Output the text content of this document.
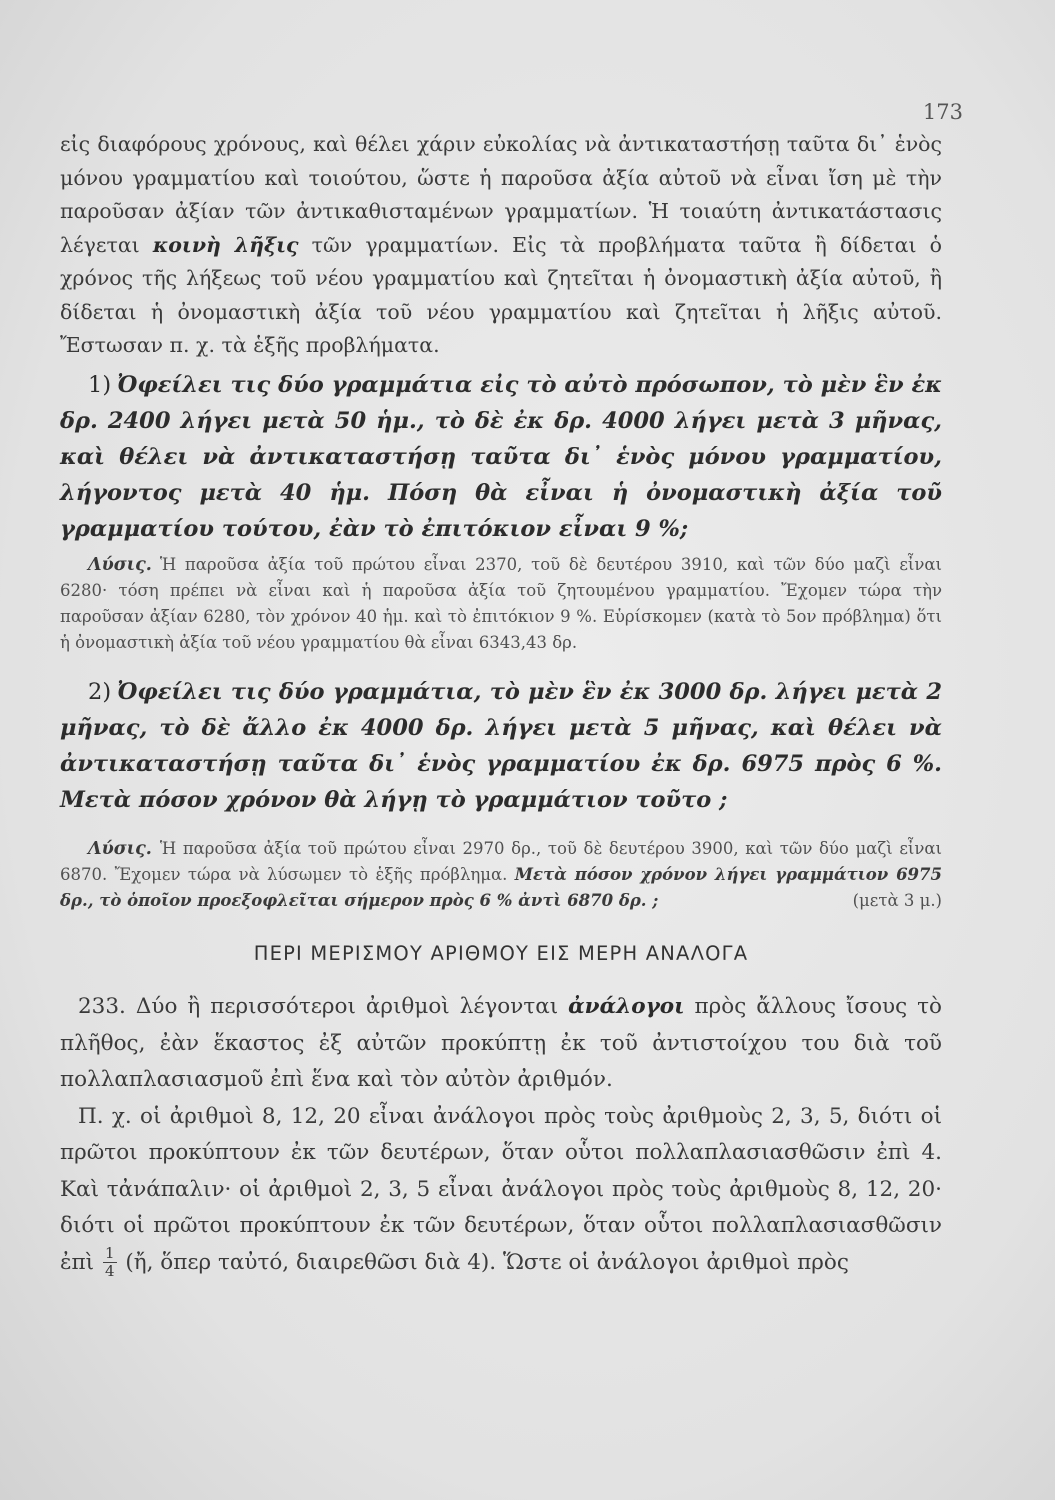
173

εἰς διαφόρους χρόνους, καὶ θέλει χάριν εὐκολίας νὰ ἀντικαταστήσῃ ταῦτα δι᾽ ἑνὸς μόνου γραμματίου καὶ τοιούτου, ὥστε ἡ παροῦσα ἀξία αὐτοῦ νὰ εἶναι ἴση μὲ τὴν παροῦσαν ἀξίαν τῶν ἀντικαθισταμένων γραμματίων. Ἡ τοιαύτη ἀντικατάστασις λέγεται κοινὴ λῆξις τῶν γραμματίων. Εἰς τὰ προβλήματα ταῦτα ἢ δίδεται ὁ χρόνος τῆς λήξεως τοῦ νέου γραμματίου καὶ ζητεῖται ἡ ὀνομαστικὴ ἀξία αὐτοῦ, ἢ δίδεται ἡ ὀνομαστικὴ ἀξία τοῦ νέου γραμματίου καὶ ζητεῖται ἡ λῆξις αὐτοῦ. Ἔστωσαν π. χ. τὰ ἑξῆς προβλήματα.

1) Ὀφείλει τις δύο γραμμάτια εἰς τὸ αὐτὸ πρόσωπον, τὸ μὲν ἓν ἐκ δρ. 2400 λήγει μετὰ 50 ἡμ., τὸ δὲ ἐκ δρ. 4000 λήγει μετὰ 3 μῆνας, καὶ θέλει νὰ ἀντικαταστήσῃ ταῦτα δι᾽ ἑνὸς μόνου γραμματίου, λήγοντος μετὰ 40 ἡμ. Πόση θὰ εἶναι ἡ ὀνομαστικὴ ἀξία τοῦ γραμματίου τούτου, ἐὰν τὸ ἐπιτόκιον εἶναι 9 %;

Λύσις. Ἡ παροῦσα ἀξία τοῦ πρώτου εἶναι 2370, τοῦ δὲ δευτέρου 3910, καὶ τῶν δύο μαζὶ εἶναι 6280· τόση πρέπει νὰ εἶναι καὶ ἡ παροῦσα ἀξία τοῦ ζητουμένου γραμματίου. Ἔχομεν τώρα τὴν παροῦσαν ἀξίαν 6280, τὸν χρόνον 40 ἡμ. καὶ τὸ ἐπιτόκιον 9 %. Εὑρίσκομεν (κατὰ τὸ 5ον πρόβλημα) ὅτι ἡ ὀνομαστικὴ ἀξία τοῦ νέου γραμματίου θὰ εἶναι 6343,43 δρ.

2) Ὀφείλει τις δύο γραμμάτια, τὸ μὲν ἓν ἐκ 3000 δρ. λήγει μετὰ 2 μῆνας, τὸ δὲ ἄλλο ἐκ 4000 δρ. λήγει μετὰ 5 μῆνας, καὶ θέλει νὰ ἀντικαταστήσῃ ταῦτα δι᾽ ἑνὸς γραμματίου ἐκ δρ. 6975 πρὸς 6 %. Μετὰ πόσον χρόνον θὰ λήγῃ τὸ γραμμάτιον τοῦτο ;

Λύσις. Ἡ παροῦσα ἀξία τοῦ πρώτου εἶναι 2970 δρ., τοῦ δὲ δευτέρου 3900, καὶ τῶν δύο μαζὶ εἶναι 6870. Ἔχομεν τώρα νὰ λύσωμεν τὸ ἑξῆς πρόβλημα. Μετὰ πόσον χρόνον λήγει γραμμάτιον 6975 δρ., τὸ ὁποῖον προεξοφλεῖται σήμερον πρὸς 6 % ἀντὶ 6870 δρ. ;	(μετὰ 3 μ.)

ΠΕΡΙ ΜΕΡΙΣΜΟΥ ΑΡΙΘΜΟΥ ΕΙΣ ΜΕΡΗ ΑΝΑΛΟΓΑ

233. Δύο ἢ περισσότεροι ἀριθμοὶ λέγονται ἀνάλογοι πρὸς ἄλλους ἴσους τὸ πλῆθος, ἐὰν ἕκαστος ἐξ αὐτῶν προκύπτῃ ἐκ τοῦ ἀντιστοίχου του διὰ τοῦ πολλαπλασιασμοῦ ἐπὶ ἕνα καὶ τὸν αὐτὸν ἀριθμόν.

Π. χ. οἱ ἀριθμοὶ 8, 12, 20 εἶναι ἀνάλογοι πρὸς τοὺς ἀριθμοὺς 2, 3, 5, διότι οἱ πρῶτοι προκύπτουν ἐκ τῶν δευτέρων, ὅταν οὗτοι πολλαπλασιασθῶσιν ἐπὶ 4. Καὶ τἀνάπαλιν· οἱ ἀριθμοὶ 2, 3, 5 εἶναι ἀνάλογοι πρὸς τοὺς ἀριθμοὺς 8, 12, 20· διότι οἱ πρῶτοι προκύπτουν ἐκ τῶν δευτέρων, ὅταν οὗτοι πολλαπλασιασθῶσιν ἐπὶ $\frac{1}{4}$ (ἤ, ὅπερ ταὐτό, διαιρεθῶσι διὰ 4). Ὥστε οἱ ἀνάλογοι ἀριθμοὶ πρὸς
